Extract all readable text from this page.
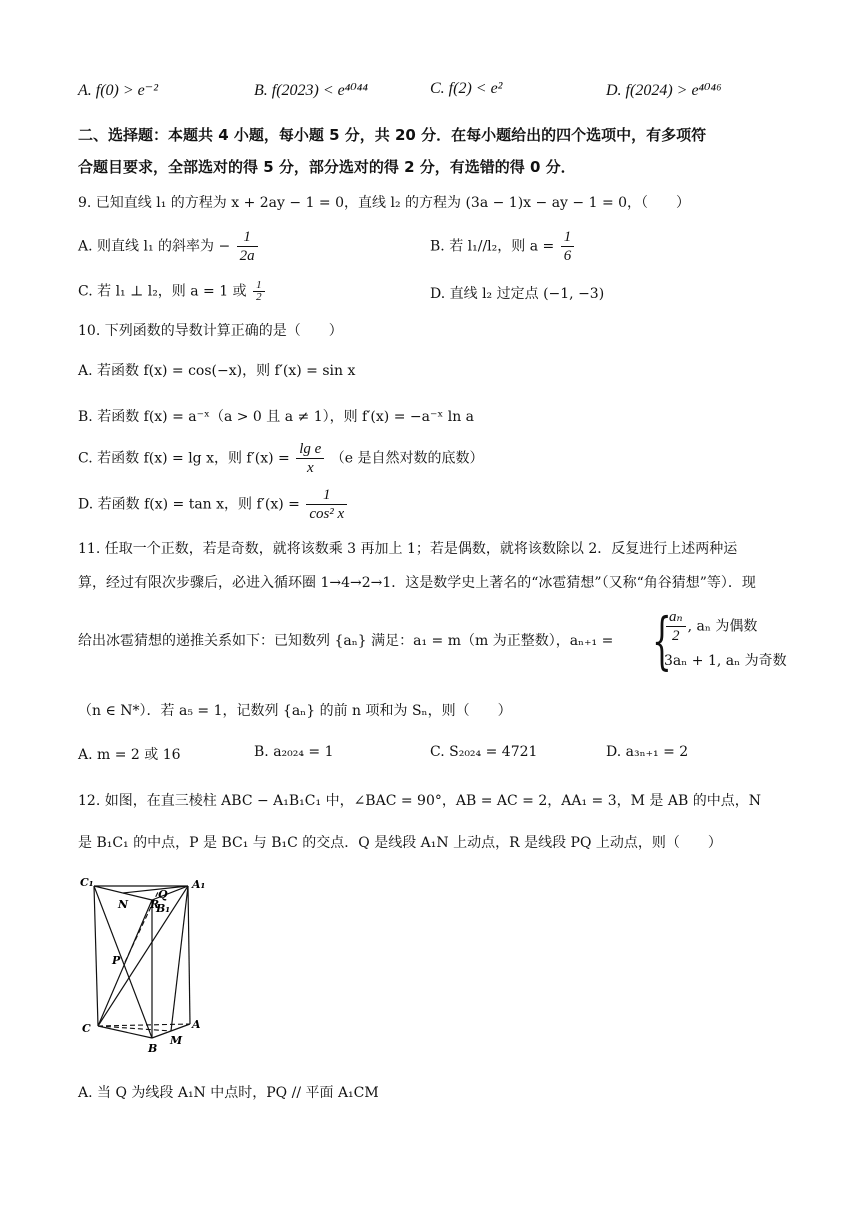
A. f(0) > e⁻²	B. f(2023) < e⁴⁰⁴⁴	C. f(2) < e²	D. f(2024) > e⁴⁰⁴⁶
二、选择题：本题共 4 小题，每小题 5 分，共 20 分．在每小题给出的四个选项中，有多项符
合题目要求，全部选对的得 5 分，部分选对的得 2 分，有选错的得 0 分．
9. 已知直线 l₁ 的方程为 x + 2ay − 1 = 0，直线 l₂ 的方程为 (3a − 1)x − ay − 1 = 0，（　　）
A. 则直线 l₁ 的斜率为 − $\frac{1}{2a}$	B. 若 l₁//l₂，则 $a = \frac{1}{6}$
C. 若 l₁ ⊥ l₂，则 a = 1 或 $\frac{1}{2}$	D. 直线 l₂ 过定点 (−1, −3)
10. 下列函数的导数计算正确的是（　　）
A. 若函数 f(x) = cos(−x)，则 f′(x) = sin x
B. 若函数 f(x) = a⁻ˣ（a > 0 且 a ≠ 1），则 f′(x) = −a⁻ˣ ln a
C. 若函数 f(x) = lg x，则 $f'(x) = \frac{\text{lg e}}{x} (e$ 是自然对数的底数）
D. 若函数 f(x) = tan x，则 $f'(x) = \frac{1}{\text{cos² x}}$
11. 任取一个正数，若是奇数，就将该数乘 3 再加上 1；若是偶数，就将该数除以 2．反复进行上述两种运
算，经过有限次步骤后，必进入循环圈 1→4→2→1．这是数学史上著名的“冰雹猜想”（又称“角谷猜想”等）．现
给出冰雹猜想的递推关系如下：已知数列 {aₙ} 满足：a₁ = m（m 为正整数），aₙ₊₁ = {
$\frac{\text{aₙ}}{2}$ , aₙ 为偶数
3aₙ + 1, aₙ 为奇数
（n ∈ N*）．若 a₅ = 1，记数列 {aₙ} 的前 n 项和为 Sₙ，则（　　）
A. m = 2 或 16	B. a₂₀₂₄ = 1	C. S₂₀₂₄ = 4721	D. a₃ₙ₊₁ = 2
12. 如图，在直三棱柱 ABC − A₁B₁C₁ 中，∠BAC = 90°，AB = AC = 2，AA₁ = 3，M 是 AB 的中点，N
是 B₁C₁ 的中点，P 是 BC₁ 与 B₁C 的交点．Q 是线段 A₁N 上动点，R 是线段 PQ 上动点，则（　　）
C₁	A₁
N
Q
B₁
R
P
C	A
B
M
A. 当 Q 为线段 A₁N 中点时，PQ // 平面 A₁CM
